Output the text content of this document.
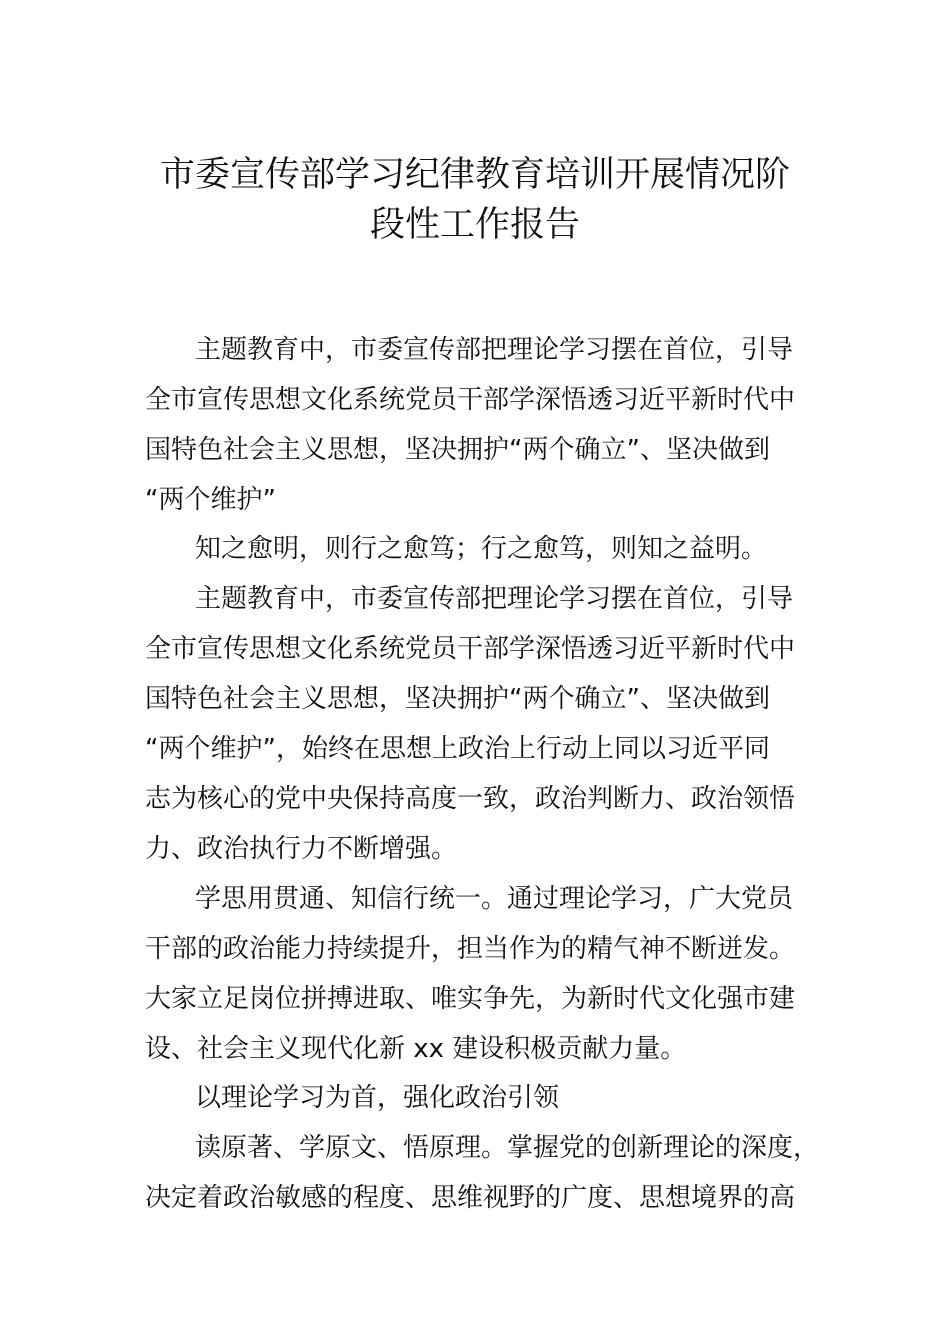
市委宣传部学习纪律教育培训开展情况阶
段性工作报告
主题教育中，市委宣传部把理论学习摆在首位，引导
全市宣传思想文化系统党员干部学深悟透习近平新时代中
国特色社会主义思想，坚决拥护“两个确立”、坚决做到
“两个维护”
知之愈明，则行之愈笃；行之愈笃，则知之益明。
主题教育中，市委宣传部把理论学习摆在首位，引导
全市宣传思想文化系统党员干部学深悟透习近平新时代中
国特色社会主义思想，坚决拥护“两个确立”、坚决做到
“两个维护”，始终在思想上政治上行动上同以习近平同
志为核心的党中央保持高度一致，政治判断力、政治领悟
力、政治执行力不断增强。
学思用贯通、知信行统一。通过理论学习，广大党员
干部的政治能力持续提升，担当作为的精气神不断迸发。
大家立足岗位拼搏进取、唯实争先，为新时代文化强市建
设、社会主义现代化新 xx 建设积极贡献力量。
以理论学习为首，强化政治引领
读原著、学原文、悟原理。掌握党的创新理论的深度，
决定着政治敏感的程度、思维视野的广度、思想境界的高
